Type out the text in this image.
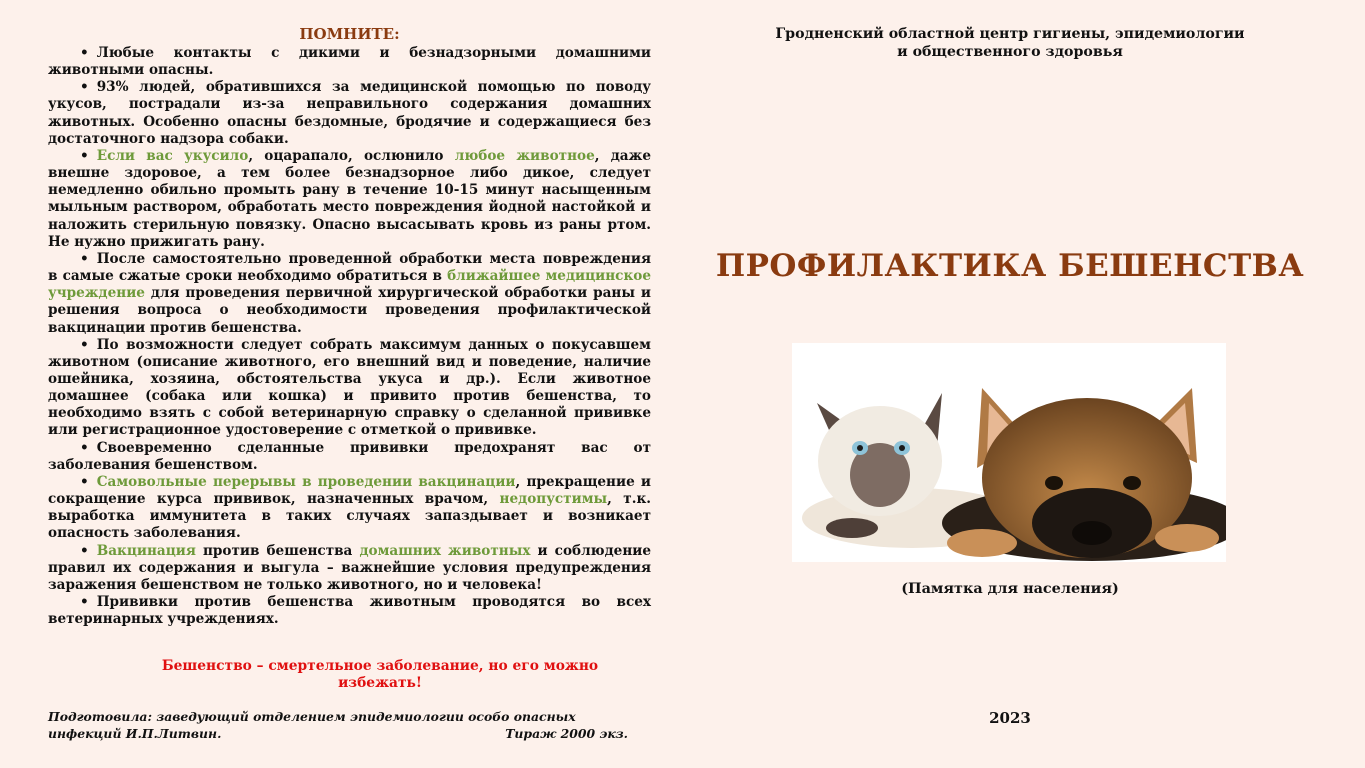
ПОМНИТЕ:

• Любые контакты с дикими и безнадзорными домашними животными опасны.

• 93% людей, обратившихся за медицинской помощью по поводу укусов, пострадали из-за неправильного содержания домашних животных. Особенно опасны бездомные, бродячие и содержащиеся без достаточного надзора собаки.

• Если вас укусило, оцарапало, ослюнило любое животное, даже внешне здоровое, а тем более безнадзорное либо дикое, следует немедленно обильно промыть рану в течение 10-15 минут насыщенным мыльным раствором, обработать место повреждения йодной настойкой и наложить стерильную повязку. Опасно высасывать кровь из раны ртом. Не нужно прижигать рану.

• После самостоятельно проведенной обработки места повреждения в самые сжатые сроки необходимо обратиться в ближайшее медицинское учреждение для проведения первичной хирургической обработки раны и решения вопроса о необходимости проведения профилактической вакцинации против бешенства.

• По возможности следует собрать максимум данных о покусавшем животном (описание животного, его внешний вид и поведение, наличие ошейника, хозяина, обстоятельства укуса и др.). Если животное домашнее (собака или кошка) и привито против бешенства, то необходимо взять с собой ветеринарную справку о сделанной прививке или регистрационное удостоверение с отметкой о прививке.

• Своевременно сделанные прививки предохранят вас от заболевания бешенством.

• Самовольные перерывы в проведении вакцинации, прекращение и сокращение курса прививок, назначенных врачом, недопустимы, т.к. выработка иммунитета в таких случаях запаздывает и возникает опасность заболевания.

• Вакцинация против бешенства домашних животных и соблюдение правил их содержания и выгула – важнейшие условия предупреждения заражения бешенством не только животного, но и человека!

• Прививки против бешенства животным проводятся во всех ветеринарных учреждениях.

Бешенство – смертельное заболевание, но его можно
избежать!
Подготовила: заведующий отделением эпидемиологии особо опасных
инфекций И.П.Литвин.	Тираж 2000 экз.
Гродненский областной центр гигиены, эпидемиологии
и общественного здоровья
ПРОФИЛАКТИКА БЕШЕНСТВА
(Памятка для населения)
2023
